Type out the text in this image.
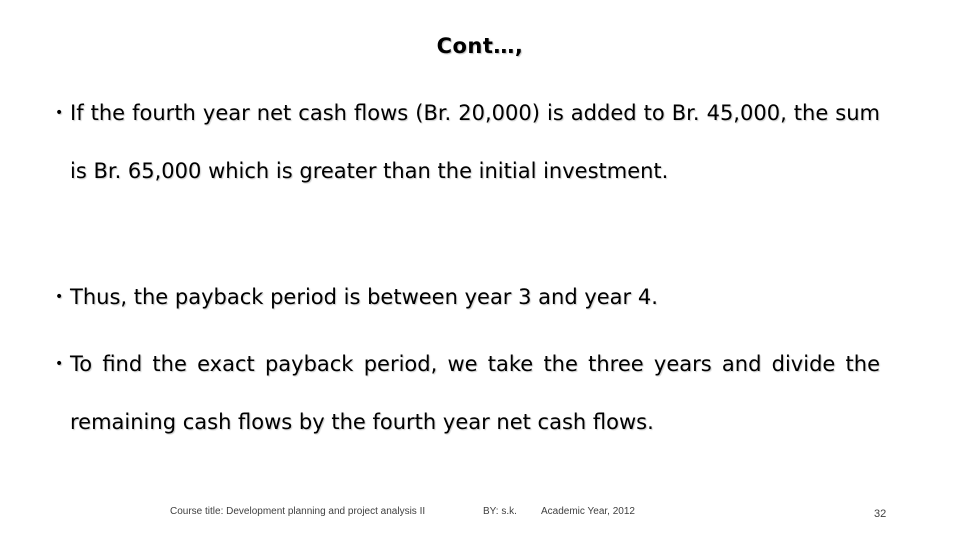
Cont…,
• If the fourth year net cash flows (Br. 20,000) is added to Br. 45,000, the sum is Br. 65,000 which is greater than the initial investment.
• Thus, the payback period is between year 3 and year 4.
• To find the exact payback period, we take the three years and divide the remaining cash flows by the fourth year net cash flows.
Course title: Development planning and project analysis II	BY: s.k. Academic Year, 2012	32
